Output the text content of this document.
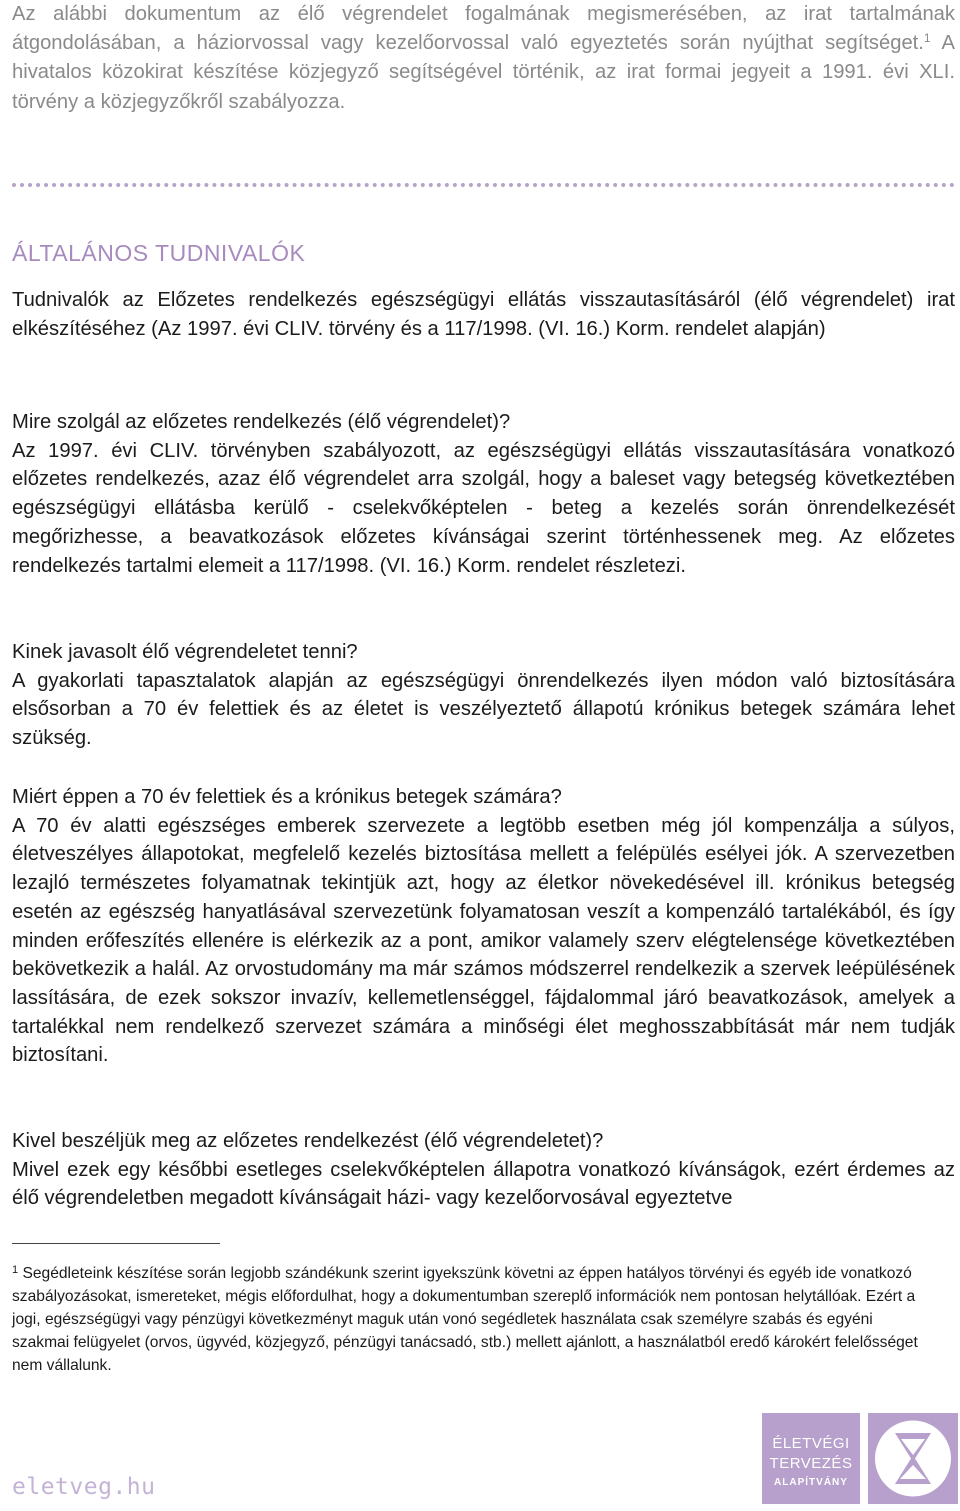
Az alábbi dokumentum az élő végrendelet fogalmának megismerésében, az irat tartalmának átgondolásában, a háziorvossal vagy kezelőorvossal való egyeztetés során nyújthat segítséget.$^1$ A hivatalos közokirat készítése közjegyző segítségével történik, az irat formai jegyeit a 1991. évi XLI. törvény a közjegyzőkről szabályozza.

ÁLTALÁNOS TUDNIVALÓK

Tudnivalók az Előzetes rendelkezés egészségügyi ellátás visszautasításáról (élő végrendelet) irat elkészítéséhez (Az 1997. évi CLIV. törvény és a 117/1998. (VI. 16.) Korm. rendelet alapján)

Mire szolgál az előzetes rendelkezés (élő végrendelet)?
Az 1997. évi CLIV. törvényben szabályozott, az egészségügyi ellátás visszautasítására vonatkozó előzetes rendelkezés, azaz élő végrendelet arra szolgál, hogy a baleset vagy betegség következtében egészségügyi ellátásba kerülő - cselekvőképtelen - beteg a kezelés során önrendelkezését megőrizhesse, a beavatkozások előzetes kívánságai szerint történhessenek meg. Az előzetes rendelkezés tartalmi elemeit a 117/1998. (VI. 16.) Korm. rendelet részletezi.

Kinek javasolt élő végrendeletet tenni?
A gyakorlati tapasztalatok alapján az egészségügyi önrendelkezés ilyen módon való biztosítására elsősorban a 70 év felettiek és az életet is veszélyeztető állapotú krónikus betegek számára lehet szükség.

Miért éppen a 70 év felettiek és a krónikus betegek számára?
A 70 év alatti egészséges emberek szervezete a legtöbb esetben még jól kompenzálja a súlyos, életveszélyes állapotokat, megfelelő kezelés biztosítása mellett a felépülés esélyei jók. A szervezetben lezajló természetes folyamatnak tekintjük azt, hogy az életkor növekedésével ill. krónikus betegség esetén az egészség hanyatlásával szervezetünk folyamatosan veszít a kompenzáló tartalékából, és így minden erőfeszítés ellenére is elérkezik az a pont, amikor valamely szerv elégtelensége következtében bekövetkezik a halál. Az orvostudomány ma már számos módszerrel rendelkezik a szervek leépülésének lassítására, de ezek sokszor invazív, kellemetlenséggel, fájdalommal járó beavatkozások, amelyek a tartalékkal nem rendelkező szervezet számára a minőségi élet meghosszabbítását már nem tudják biztosítani.

Kivel beszéljük meg az előzetes rendelkezést (élő végrendeletet)?
Mivel ezek egy későbbi esetleges cselekvőképtelen állapotra vonatkozó kívánságok, ezért érdemes az élő végrendeletben megadott kívánságait házi- vagy kezelőorvosával egyeztetve

$^1$ Segédleteink készítése során legjobb szándékunk szerint igyekszünk követni az éppen hatályos törvényi és egyéb ide vonatkozó szabályozásokat, ismereteket, mégis előfordulhat, hogy a dokumentumban szereplő információk nem pontosan helytállóak. Ezért a jogi, egészségügyi vagy pénzügyi következményt maguk után vonó segédletek használata csak személyre szabás és egyéni szakmai felügyelet (orvos, ügyvéd, közjegyző, pénzügyi tanácsadó, stb.) mellett ajánlott, a használatból eredő károkért felelősséget nem vállalunk.

eletveg.hu
ÉLETVÉGI
TERVEZÉS
ALAPÍTVÁNY
